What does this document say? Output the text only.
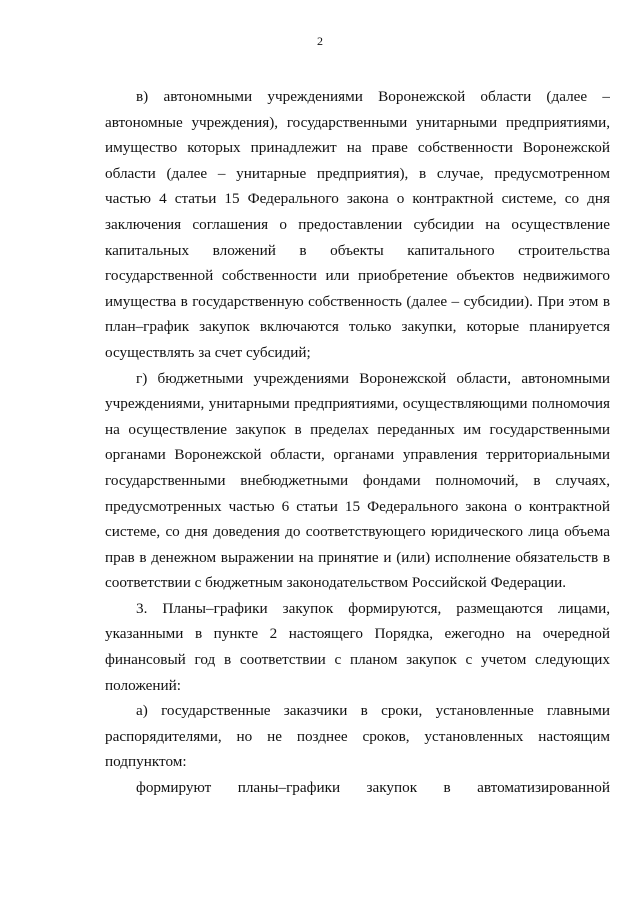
2
в) автономными учреждениями Воронежской области (далее –
автономные учреждения), государственными унитарными предприятиями,
имущество которых принадлежит на праве собственности Воронежской
области (далее – унитарные предприятия), в случае, предусмотренном
частью 4 статьи 15 Федерального закона о контрактной системе, со дня
заключения соглашения о предоставлении субсидии на осуществление
капитальных вложений в объекты капитального строительства
государственной собственности или приобретение объектов недвижимого
имущества в государственную собственность (далее – субсидии). При этом в
план–график закупок включаются только закупки, которые планируется
осуществлять за счет субсидий;
г) бюджетными учреждениями Воронежской области, автономными
учреждениями, унитарными предприятиями, осуществляющими полномочия
на осуществление закупок в пределах переданных им государственными
органами Воронежской области, органами управления территориальными
государственными внебюджетными фондами полномочий, в случаях,
предусмотренных частью 6 статьи 15 Федерального закона о контрактной
системе, со дня доведения до соответствующего юридического лица объема
прав в денежном выражении на принятие и (или) исполнение обязательств в
соответствии с бюджетным законодательством Российской Федерации.
3. Планы–графики закупок формируются, размещаются лицами,
указанными в пункте 2 настоящего Порядка, ежегодно на очередной
финансовый год в соответствии с планом закупок с учетом следующих
положений:
а) государственные заказчики в сроки, установленные главными
распорядителями, но не позднее сроков, установленных настоящим
подпунктом:
формируют планы–графики закупок в автоматизированной
